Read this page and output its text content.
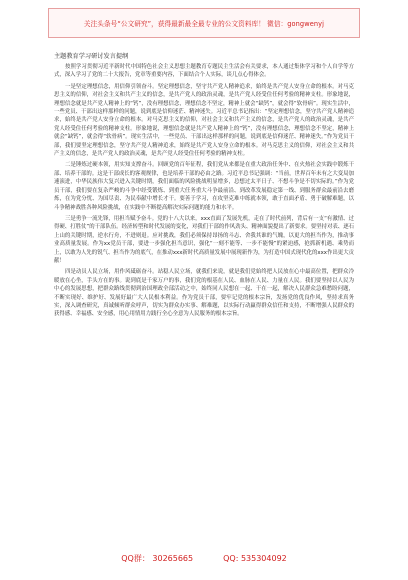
关注头条号“公文研究”，获得最新最全最专业的公文资料库！ 微信：gongwenyj
主题教育学习研讨发言提纲

按照学习贯彻习近平新时代中国特色社会主义思想主题教育专题民主生活会有关要求，本人通过集体学习和个人自学等方式，深入学习了党的二十大报告，党章等重要内容，下面结合个人实际，谈几点心得体会。

一是坚定理想信念，用信仰引领奋斗。坚定理想信念，坚守共产党人精神追求，始终是共产党人安身立命的根本。对马克思主义的信仰，对社会主义和共产主义的信念，是共产党人的政治灵魂，是共产党人经受住任何考验的精神支柱。形象地说，理想信念就是共产党人精神上的“钙”，没有理想信念，理想信念不坚定，精神上就会“缺钙”，就会得“软骨病”。现实生活中，一些党员、干部出这样那样的问题，说到底是信仰迷茫、精神迷失。习近平总书记指出：“坚定理想信念，坚守共产党人精神追求，始终是共产党人安身立命的根本。对马克思主义的信仰，对社会主义和共产主义的信念，是共产党人的政治灵魂，是共产党人经受住任何考验的精神支柱。形象地说，理想信念就是共产党人精神上的“钙”，没有理想信念，理想信念不坚定，精神上就会“缺钙”，就会得“软骨病”。现实生活中，一些党员、干部出这样那样的问题，说到底是信仰迷茫、精神迷失。”作为党员干部，我们要坚定理想信念，坚守共产党人精神追求，始终是共产党人安身立命的根本。对马克思主义的信仰，对社会主义和共产主义的信念，是共产党人的政治灵魂，是共产党人经受住任何考验的精神支柱。

二是锤炼过硬本领，用实知支撑奋斗。回顾党的百年征程，我们党从来都是在重大政治任务中、在火热社会实践中锻炼干部、培养干部的。这是干部成长的客观规律，也是培养干部的必由之路。习近平总书记强调：“当前，世界百年未有之大变局加速演进，中华民族伟大复兴进入关键时期，我们面临的风险挑战明显增多，总想过太平日子、不想斗争是不切实际的。”作为党员干部，我们要在复杂严峻的斗争中经受锻炼、到重大任务重大斗争最前沿、到改革发展稳定第一线、到服务群众最前沿去磨炼，在为党分忧、为国尽责、为民奉献中增长才干。要善于学习，在攻坚克难中练就本领，敢于直面矛盾、勇于破解难题，以斗争精神战胜各种风险挑战，在实践中不断提高解决实际问题的能力和水平。

三是勇争一流先锋，用担当赋予奋斗。党的十八大以来，xxx直面了发展先机，走在了时代前列，背后有一支“有激情、过得硬、打胜仗”的干部队伍。经济转型和时代发展的变化，对我们干部的作风劲头、精神面貌提出了新要求。要坚持对表、逐石上山的关键时期，逆水行舟，不进则退。应对挑战，我们必须保持昂扬的斗志、舍我其谁的气魄，以更大的担当作为，推动事业高质量发展。作为xx党员干部，要进一步强化担当意识，强化“一刻不能等、一步不能慢”的紧迫感，抢抓新机遇、乘势而上，以敢为人先的锐气、担当作为的底气，在推动xxx新时代高质量发展中展现新作为，为打造中国式现代化的xxx作出更大贡献！

四是动员人民立场，用作风砥砺奋斗。站稳人民立场，就我们来说，就是我们党始终把人民放在心中最高位置，把群众冷暖放在心坐，手头方在的事。说到底是千家万户的事，我们党的根基在人民、血脉在人民、力量在人民。我们要坚持以人民为中心的发展思想，把群众路线贯彻到治国理政全部活动之中，始终同人民想在一起、干在一起，解决人民群众急难愁盼问题，不断实现好、维护好、发展好最广大人民根本利益。作为党员干部，要牢记党的根本宗旨，发扬党的优良作风，坚持求真务实，深入调查研究，真诚倾听群众呼声，切实为群众办实事、解难题，以实际行动赢得群众信任和支持，不断增强人民群众的获得感、幸福感、安全感，用心用情用力践行全心全意为人民服务的根本宗旨。

QQ群： 30265665	QQ: 535304092
